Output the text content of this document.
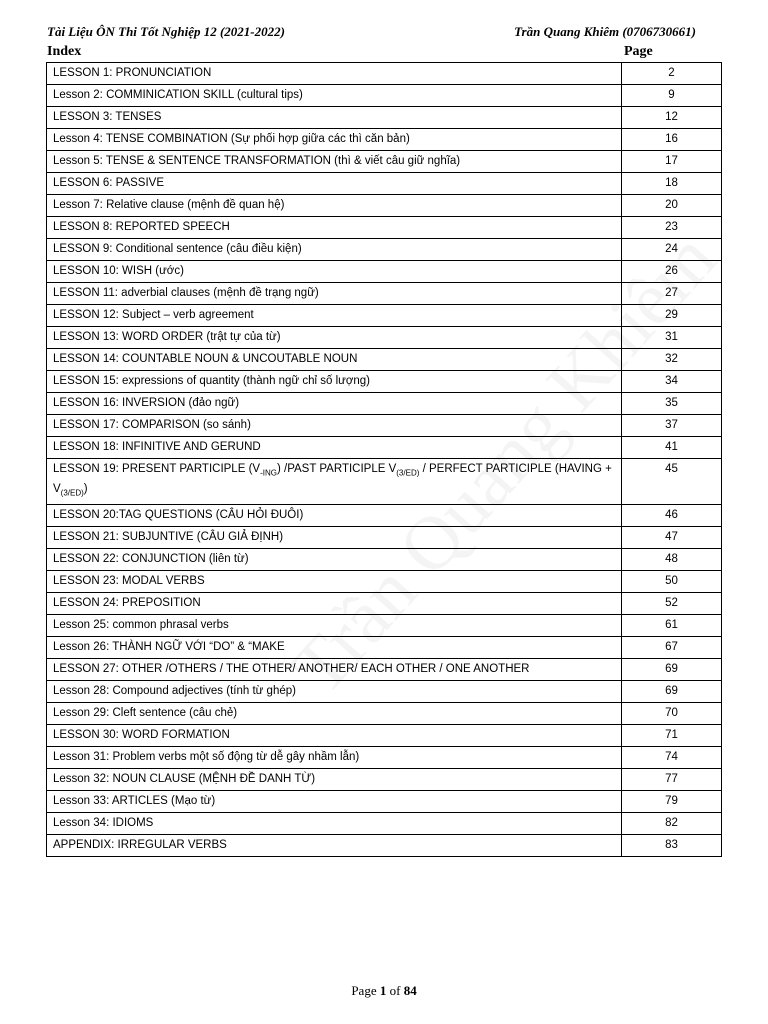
Tài Liệu ÔN Thi Tốt Nghiệp 12 (2021-2022)	Trần Quang Khiêm (0706730661)
Index	Page
LESSON 1: PRONUNCIATION	2
Lesson 2: COMMINICATION SKILL (cultural tips)	9
LESSON 3: TENSES	12
Lesson 4: TENSE COMBINATION (Sự phối hợp giữa các thì căn bản)	16
Lesson 5: TENSE & SENTENCE TRANSFORMATION (thì & viết câu giữ nghĩa)	17
LESSON 6: PASSIVE	18
Lesson 7: Relative clause (mệnh đề quan hệ)	20
LESSON 8: REPORTED SPEECH	23
LESSON 9: Conditional sentence (câu điều kiện)	24
LESSON 10: WISH (ước)	26
LESSON 11: adverbial clauses (mệnh đề trạng ngữ)	27
LESSON 12: Subject – verb agreement	29
LESSON 13: WORD ORDER (trật tự của từ)	31
LESSON 14: COUNTABLE NOUN & UNCOUTABLE NOUN	32
LESSON 15: expressions of quantity (thành ngữ chỉ số lượng)	34
LESSON 16: INVERSION (đảo ngữ)	35
LESSON 17: COMPARISON (so sánh)	37
LESSON 18: INFINITIVE AND GERUND	41
LESSON 19: PRESENT PARTICIPLE $(V_{-ING})$ /PAST PARTICIPLE $V_{(3/ED)}$ / PERFECT PARTICIPLE (HAVING + $V_{(3/ED)}$)	45
LESSON 20:TAG QUESTIONS (CÂU HỎI ĐUÔI)	46
LESSON 21: SUBJUNTIVE (CÂU GIẢ ĐỊNH)	47
LESSON 22: CONJUNCTION (liên từ)	48
LESSON 23: MODAL VERBS	50
LESSON 24: PREPOSITION	52
Lesson 25: common phrasal verbs	61
Lesson 26: THÀNH NGỮ VỚI “DO” & “MAKE	67
LESSON 27: OTHER /OTHERS / THE OTHER/ ANOTHER/ EACH OTHER / ONE ANOTHER	69
Lesson 28: Compound adjectives (tính từ ghép)	69
Lesson 29: Cleft sentence (câu chẻ)	70
LESSON 30: WORD FORMATION	71
Lesson 31: Problem verbs một số động từ dễ gây nhầm lẫn)	74
Lesson 32: NOUN CLAUSE (MỆNH ĐỀ DANH TỪ)	77
Lesson 33: ARTICLES (Mạo từ)	79
Lesson 34: IDIOMS	82
APPENDIX: IRREGULAR VERBS	83
Page 1 of 84
